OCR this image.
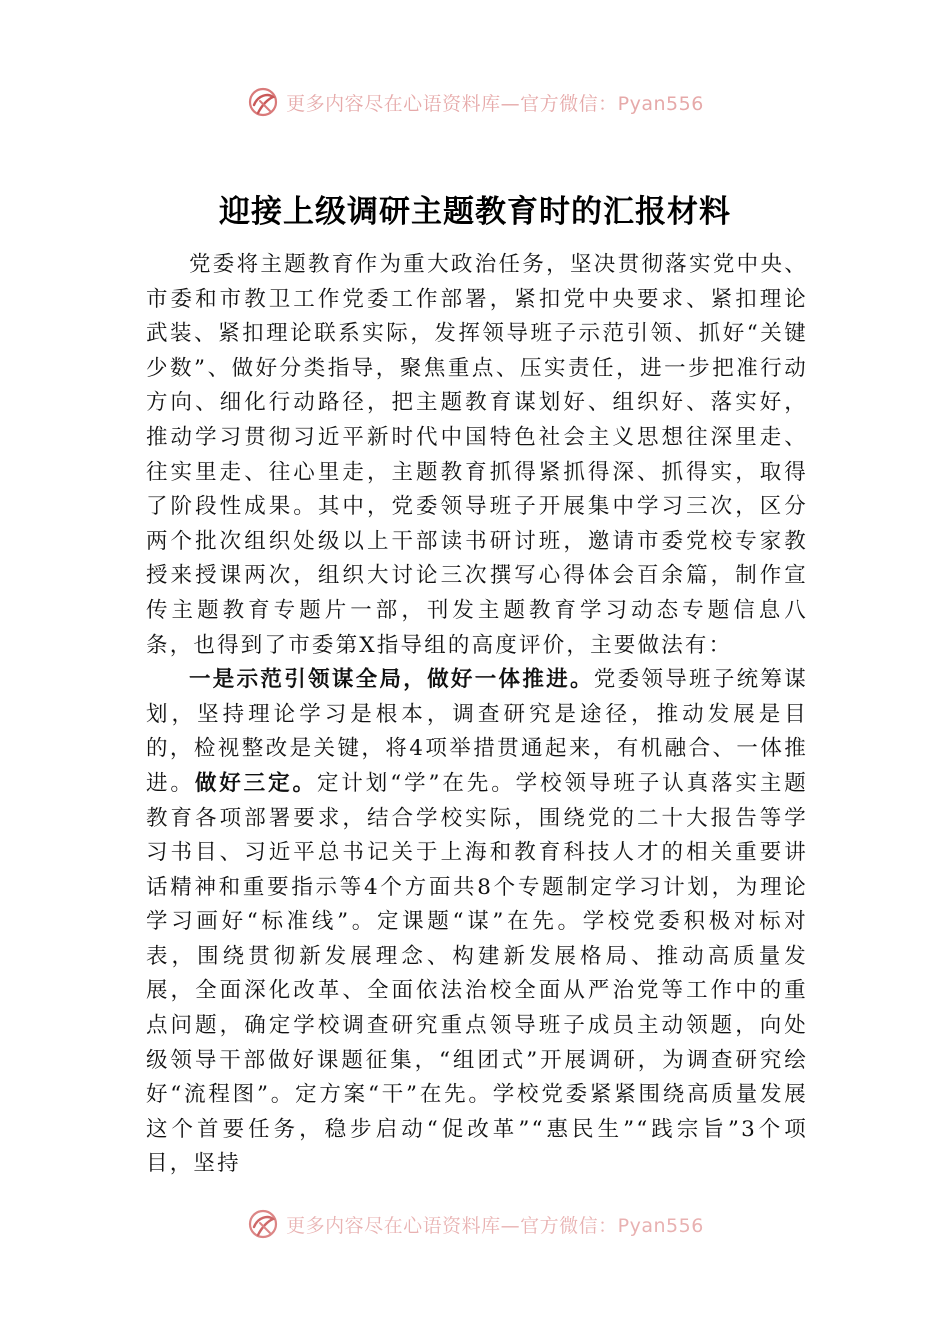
更多内容尽在心语资料库—官方微信：Pyan556
迎接上级调研主题教育时的汇报材料

党委将主题教育作为重大政治任务，坚决贯彻落实党中央、市委和市教卫工作党委工作部署，紧扣党中央要求、紧扣理论武装、紧扣理论联系实际，发挥领导班子示范引领、抓好“关键少数”、做好分类指导，聚焦重点、压实责任，进一步把准行动方向、细化行动路径，把主题教育谋划好、组织好、落实好，推动学习贯彻习近平新时代中国特色社会主义思想往深里走、往实里走、往心里走，主题教育抓得紧抓得深、抓得实，取得了阶段性成果。其中，党委领导班子开展集中学习三次，区分两个批次组织处级以上干部读书研讨班，邀请市委党校专家教授来授课两次，组织大讨论三次撰写心得体会百余篇，制作宣传主题教育专题片一部，刊发主题教育学习动态专题信息八条，也得到了市委第X指导组的高度评价，主要做法有：

一是示范引领谋全局，做好一体推进。党委领导班子统筹谋划，坚持理论学习是根本，调查研究是途径，推动发展是目的，检视整改是关键，将4项举措贯通起来，有机融合、一体推进。做好三定。定计划“学”在先。学校领导班子认真落实主题教育各项部署要求，结合学校实际，围绕党的二十大报告等学习书目、习近平总书记关于上海和教育科技人才的相关重要讲话精神和重要指示等4个方面共8个专题制定学习计划，为理论学习画好“标准线”。定课题“谋”在先。学校党委积极对标对表，围绕贯彻新发展理念、构建新发展格局、推动高质量发展，全面深化改革、全面依法治校全面从严治党等工作中的重点问题，确定学校调查研究重点领导班子成员主动领题，向处级领导干部做好课题征集，“组团式”开展调研，为调查研究绘好“流程图”。定方案“干”在先。学校党委紧紧围绕高质量发展这个首要任务，稳步启动“促改革”“惠民生”“践宗旨”3个项目，坚持

更多内容尽在心语资料库—官方微信：Pyan556
